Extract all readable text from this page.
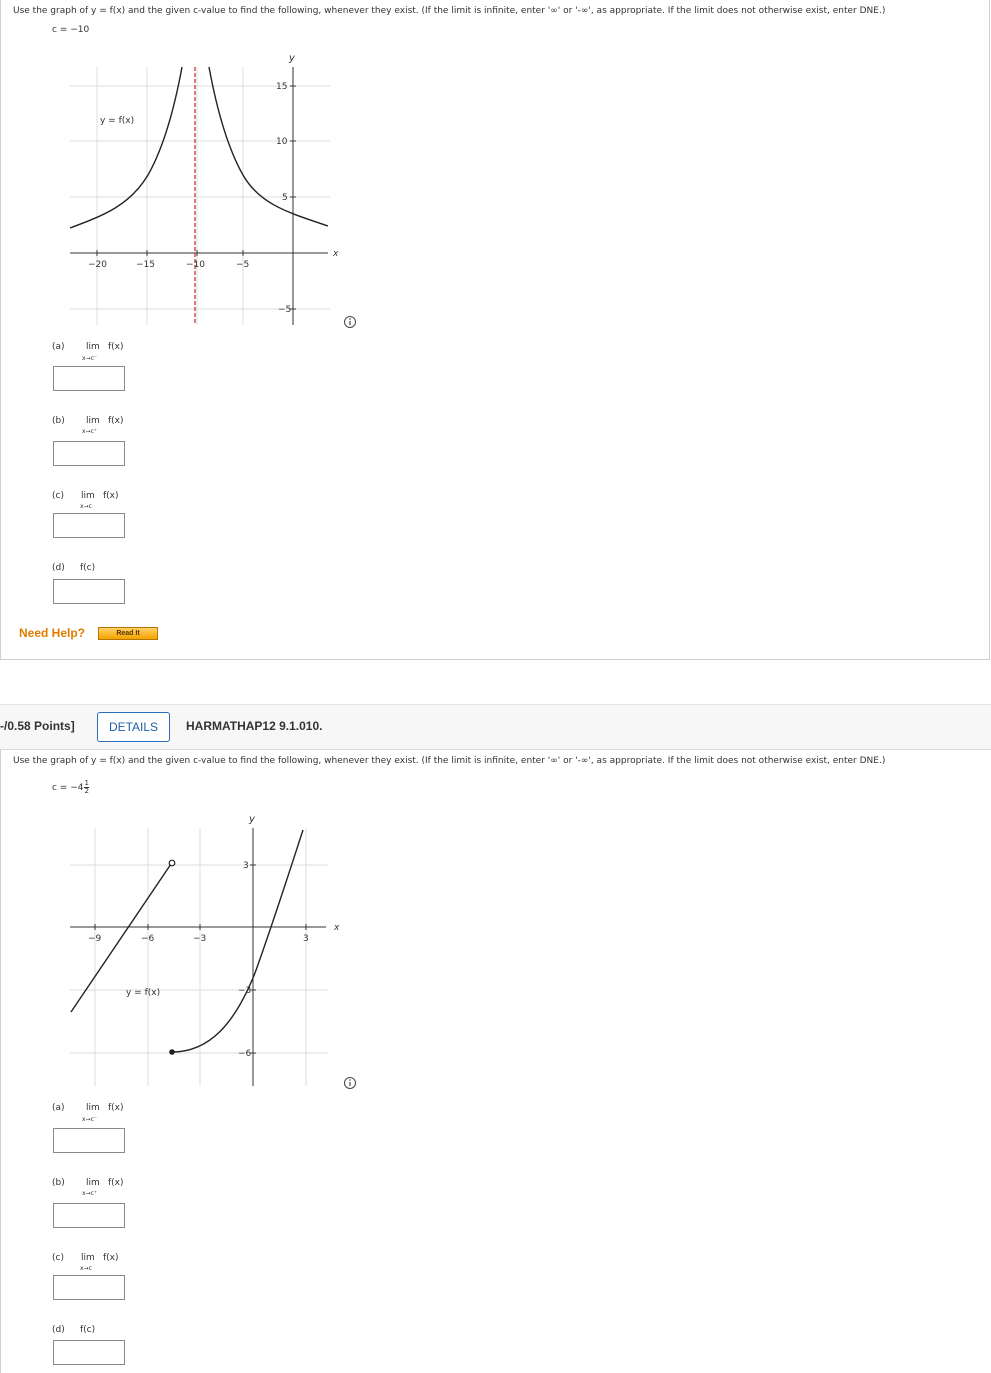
Use the graph of y = f(x) and the given c-value to find the following, whenever they exist. (If the limit is infinite, enter '∞' or '-∞', as appropriate. If the limit does not otherwise exist, enter DNE.)
c = −10
−20	−15	−10	−5
15
10
5
−5
x
y
y = f(x)
(a) lim f(x)
x→c⁻
(b) lim f(x)
x→c⁺
(c) lim f(x)
x→c
(d) f(c)
Need Help?	Read It
-/0.58 Points]	DETAILS	HARMATHAP12 9.1.010.
Use the graph of y = f(x) and the given c-value to find the following, whenever they exist. (If the limit is infinite, enter '∞' or '-∞', as appropriate. If the limit does not otherwise exist, enter DNE.)
$c = -4 \frac{1}{2}$
−9	−6	−3	3
3
−3
−6
x
y
y = f(x)
(a) lim f(x)
x→c⁻
(b) lim f(x)
x→c⁺
(c) lim f(x)
x→c
(d) f(c)
